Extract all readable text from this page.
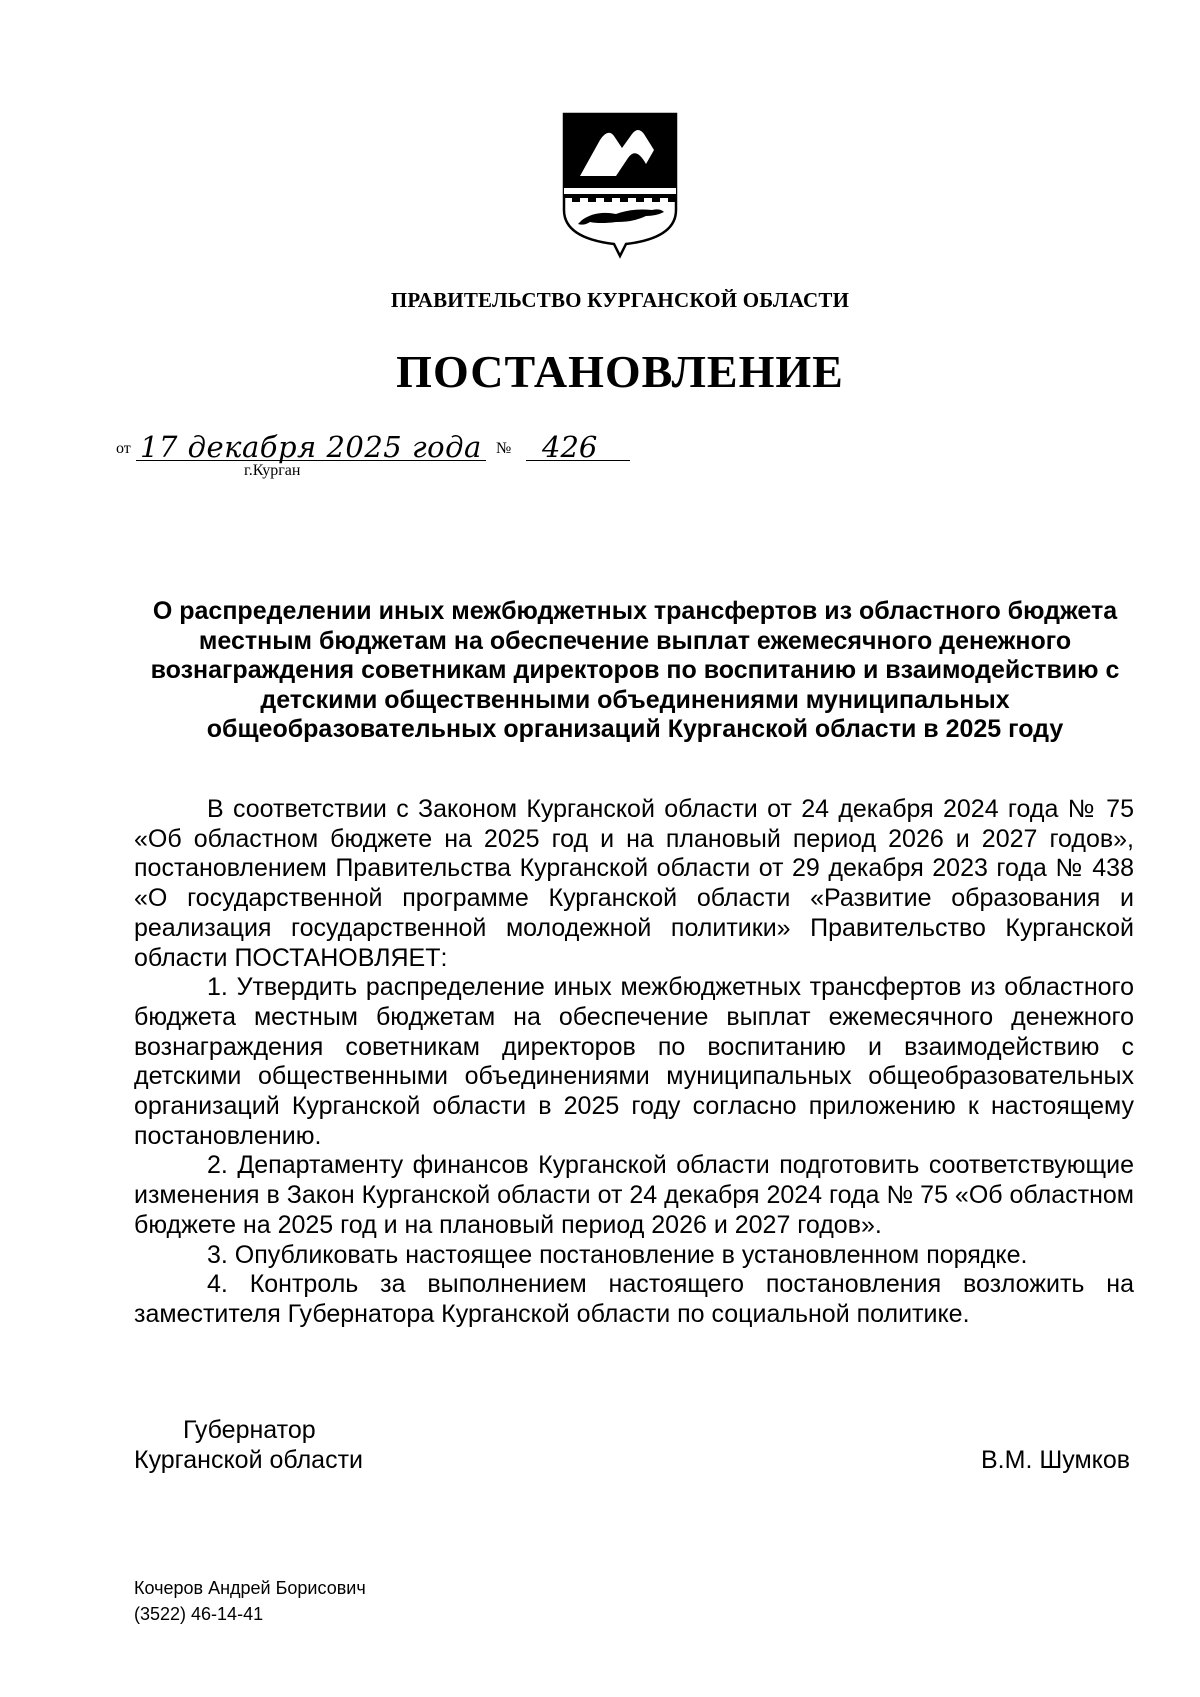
ПРАВИТЕЛЬСТВО КУРГАНСКОЙ ОБЛАСТИ
ПОСТАНОВЛЕНИЕ
от 17 декабря 2025 года № 426
г.Курган
О распределении иных межбюджетных трансфертов из областного бюджета
местным бюджетам на обеспечение выплат ежемесячного денежного
вознаграждения советникам директоров по воспитанию и взаимодействию с
детскими общественными объединениями муниципальных
общеобразовательных организаций Курганской области в 2025 году

В соответствии с Законом Курганской области от 24 декабря 2024 года № 75 «Об областном бюджете на 2025 год и на плановый период 2026 и 2027 годов», постановлением Правительства Курганской области от 29 декабря 2023 года № 438 «О государственной программе Курганской области «Развитие образования и реализация государственной молодежной политики» Правительство Курганской области ПОСТАНОВЛЯЕТ:

1. Утвердить распределение иных межбюджетных трансфертов из областного бюджета местным бюджетам на обеспечение выплат ежемесячного денежного вознаграждения советникам директоров по воспитанию и взаимодействию с детскими общественными объединениями муниципальных общеобразовательных организаций Курганской области в 2025 году согласно приложению к настоящему постановлению.

2. Департаменту финансов Курганской области подготовить соответствующие изменения в Закон Курганской области от 24 декабря 2024 года № 75 «Об областном бюджете на 2025 год и на плановый период 2026 и 2027 годов».

3. Опубликовать настоящее постановление в установленном порядке.

4. Контроль за выполнением настоящего постановления возложить на заместителя Губернатора Курганской области по социальной политике.

Губернатор
Курганской области	В.М. Шумков
Кочеров Андрей Борисович
(3522) 46-14-41
